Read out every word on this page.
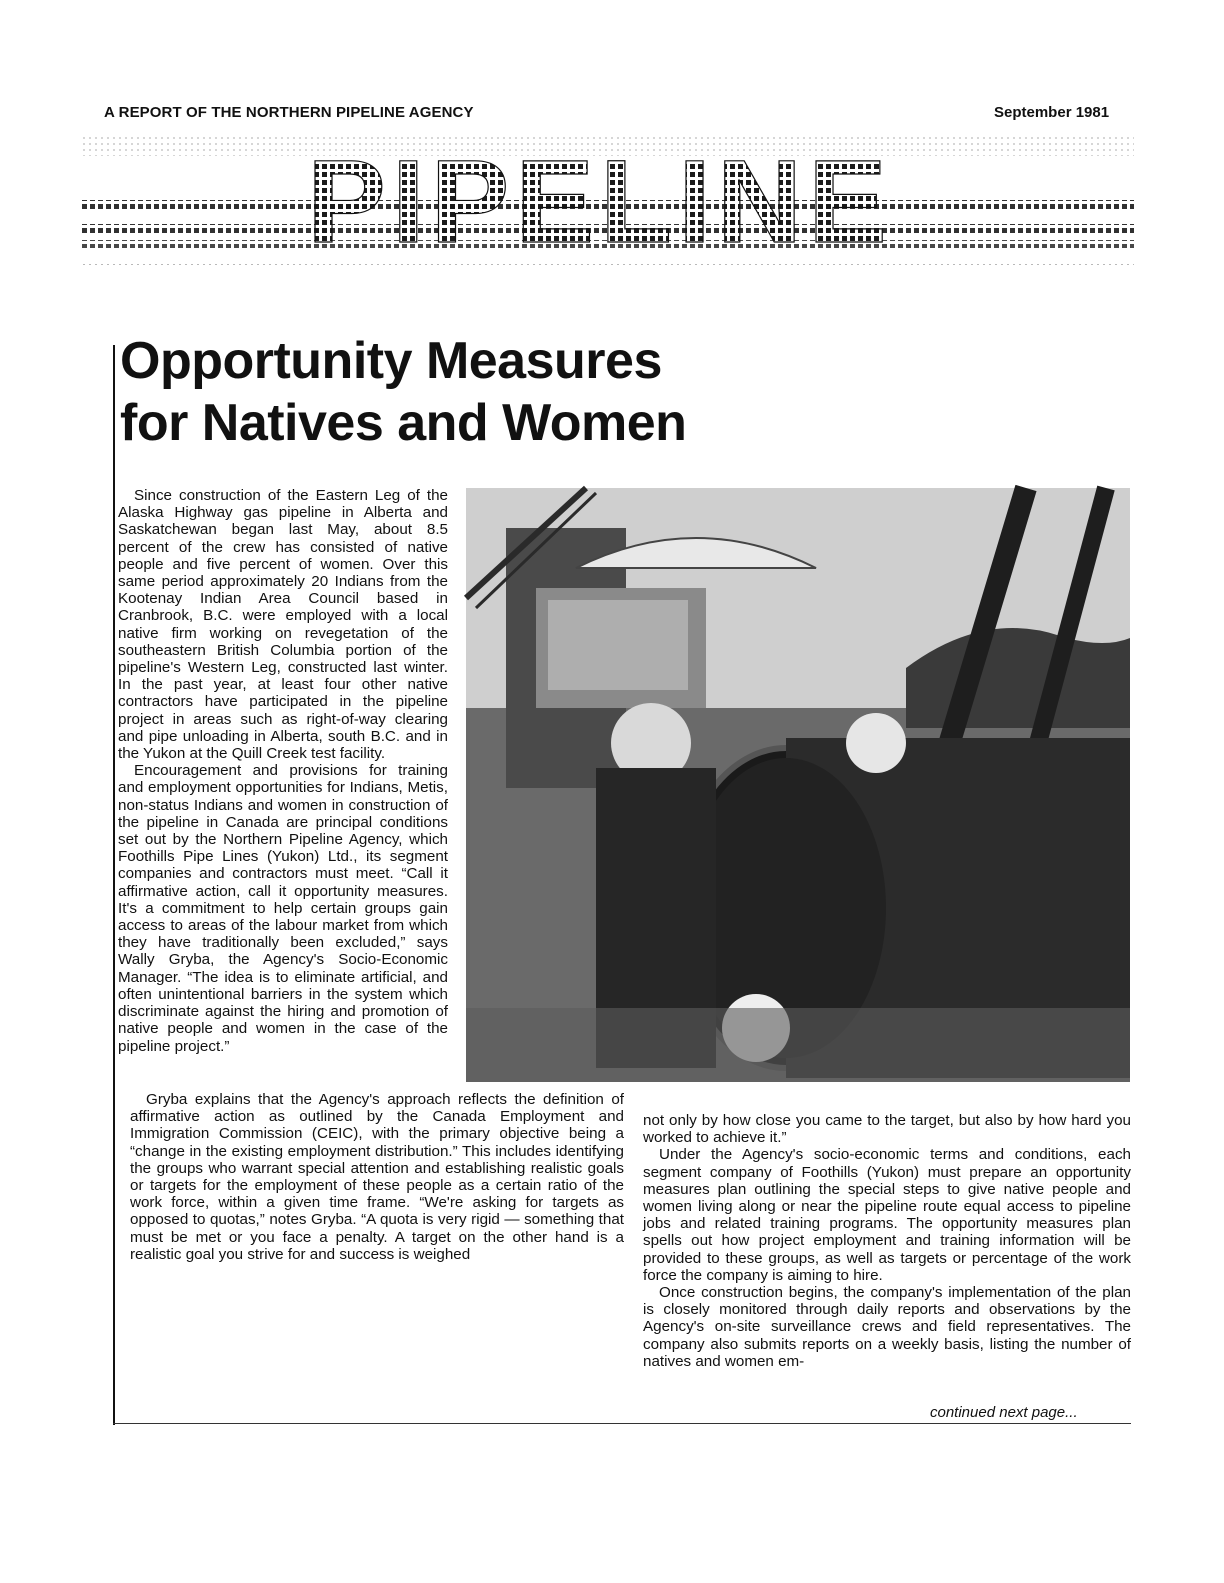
A REPORT OF THE NORTHERN PIPELINE AGENCY	September 1981
PIPELINE
Opportunity Measures
for Natives and Women

Since construction of the Eastern Leg of the Alaska Highway gas pipeline in Alberta and Saskatchewan began last May, about 8.5 percent of the crew has consisted of native people and five percent of women. Over this same period approximately 20 Indians from the Kootenay Indian Area Council based in Cranbrook, B.C. were employed with a local native firm working on revegetation of the southeastern British Columbia portion of the pipeline's Western Leg, constructed last winter. In the past year, at least four other native contractors have participated in the pipeline project in areas such as right-of-way clearing and pipe unloading in Alberta, south B.C. and in the Yukon at the Quill Creek test facility.

Encouragement and provisions for training and employment opportunities for Indians, Metis, non-status Indians and women in construction of the pipeline in Canada are principal conditions set out by the Northern Pipeline Agency, which Foothills Pipe Lines (Yukon) Ltd., its segment companies and contractors must meet. “Call it affirmative action, call it opportunity measures. It's a commitment to help certain groups gain access to areas of the labour market from which they have traditionally been excluded,” says Wally Gryba, the Agency's Socio-Economic Manager. “The idea is to eliminate artificial, and often unintentional barriers in the system which discriminate against the hiring and promotion of native people and women in the case of the pipeline project.”

Gryba explains that the Agency's approach reflects the definition of affirmative action as outlined by the Canada Employment and Immigration Commission (CEIC), with the primary objective being a “change in the existing employment distribution.” This includes identifying the groups who warrant special attention and establishing realistic goals or targets for the employment of these people as a certain ratio of the work force, within a given time frame. “We're asking for targets as opposed to quotas,” notes Gryba. “A quota is very rigid — something that must be met or you face a penalty. A target on the other hand is a realistic goal you strive for and success is weighed

not only by how close you came to the target, but also by how hard you worked to achieve it.”

Under the Agency's socio-economic terms and conditions, each segment company of Foothills (Yukon) must prepare an opportunity measures plan outlining the special steps to give native people and women living along or near the pipeline route equal access to pipeline jobs and related training programs. The opportunity measures plan spells out how project employment and training information will be provided to these groups, as well as targets or percentage of the work force the company is aiming to hire.

Once construction begins, the company's implementation of the plan is closely monitored through daily reports and observations by the Agency's on-site surveillance crews and field representatives. The company also submits reports on a weekly basis, listing the number of natives and women em-

continued next page...
